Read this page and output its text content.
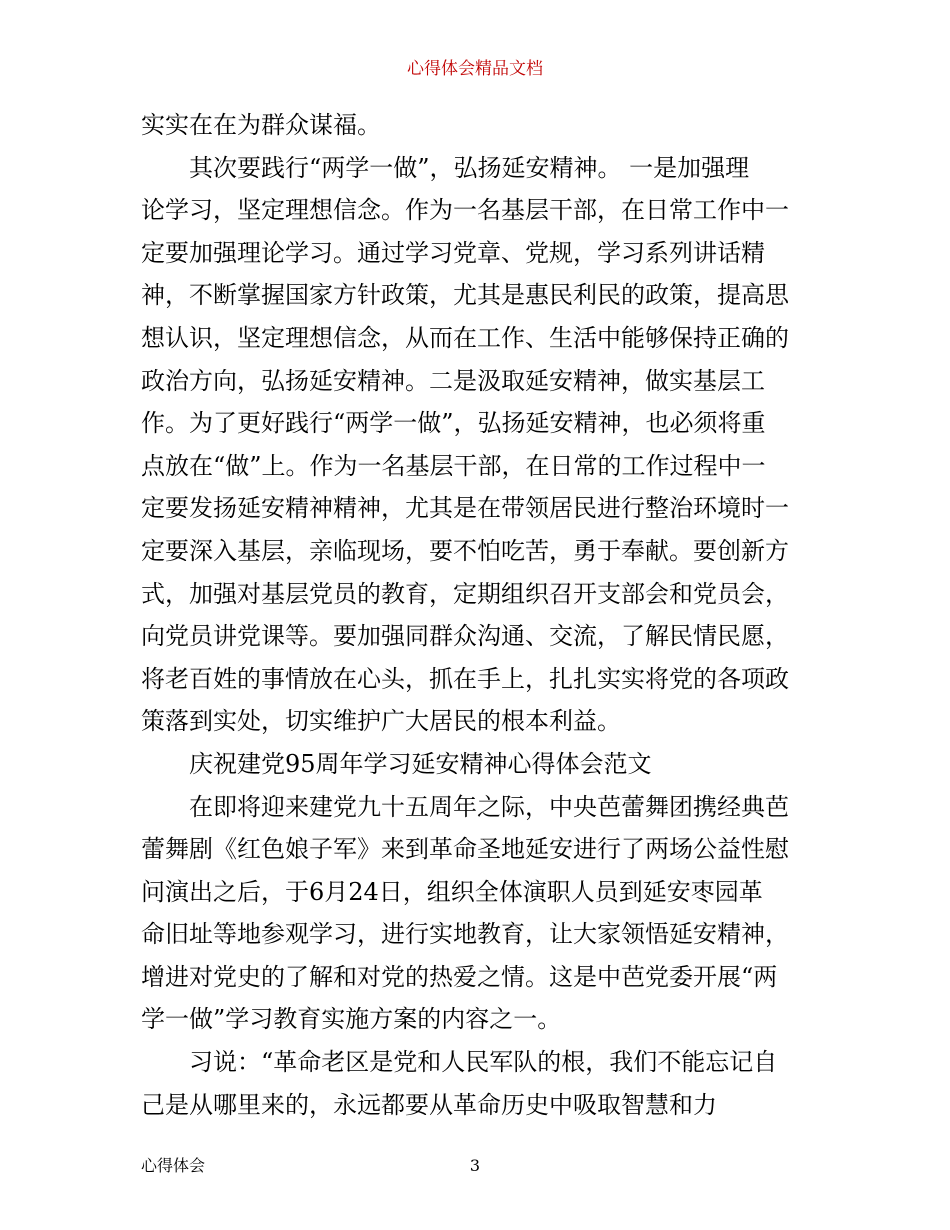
心得体会精品文档
实实在在为群众谋福。
其次要践行“两学一做”，弘扬延安精神。 一是加强理
论学习，坚定理想信念。作为一名基层干部，在日常工作中一
定要加强理论学习。通过学习党章、党规，学习系列讲话精
神，不断掌握国家方针政策，尤其是惠民利民的政策，提高思
想认识，坚定理想信念，从而在工作、生活中能够保持正确的
政治方向，弘扬延安精神。二是汲取延安精神，做实基层工
作。为了更好践行“两学一做”，弘扬延安精神，也必须将重
点放在“做”上。作为一名基层干部，在日常的工作过程中一
定要发扬延安精神精神，尤其是在带领居民进行整治环境时一
定要深入基层，亲临现场，要不怕吃苦，勇于奉献。要创新方
式，加强对基层党员的教育，定期组织召开支部会和党员会，
向党员讲党课等。要加强同群众沟通、交流，了解民情民愿，
将老百姓的事情放在心头，抓在手上，扎扎实实将党的各项政
策落到实处，切实维护广大居民的根本利益。
庆祝建党95周年学习延安精神心得体会范文
在即将迎来建党九十五周年之际，中央芭蕾舞团携经典芭
蕾舞剧《红色娘子军》来到革命圣地延安进行了两场公益性慰
问演出之后，于6月24日，组织全体演职人员到延安枣园革
命旧址等地参观学习，进行实地教育，让大家领悟延安精神，
增进对党史的了解和对党的热爱之情。这是中芭党委开展“两
学一做”学习教育实施方案的内容之一。
习说：“革命老区是党和人民军队的根，我们不能忘记自
己是从哪里来的，永远都要从革命历史中吸取智慧和力
心得体会	3
